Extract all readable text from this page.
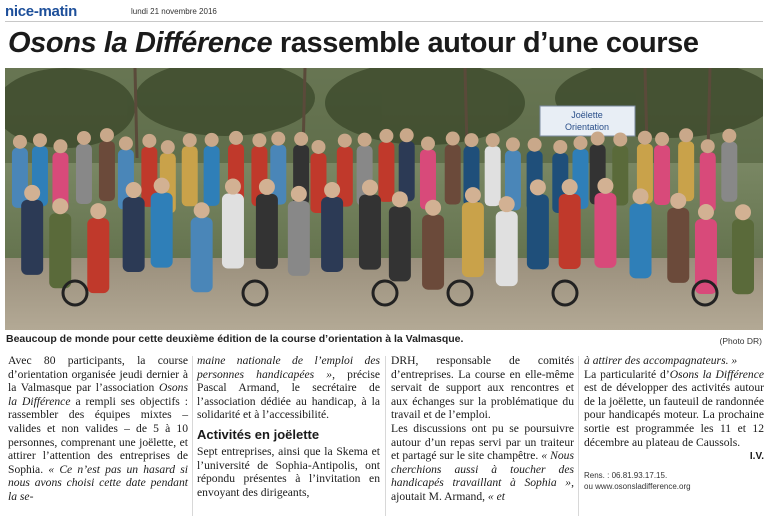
nice-matin	lundi 21 novembre 2016
Osons la Différence rassemble autour d’une course
Joëlette
Orientation
Beaucoup de monde pour cette deuxième édition de la course d’orientation à la Valmasque.	(Photo DR)

Avec 80 participants, la course d’orientation organisée jeudi dernier à la Valmasque par l’association Osons la Différence a rempli ses objectifs : rassembler des équipes mixtes – valides et non valides – de 5 à 10 personnes, comprenant une joëlette, et attirer l’attention des entreprises de Sophia. « Ce n’est pas un hasard si nous avons choisi cette date pendant la se-

maine nationale de l’emploi des personnes handicapées », précise Pascal Armand, le secrétaire de l’association dédiée au handicap, à la solidarité et à l’accessibilité.

Activités en joëlette

Sept entreprises, ainsi que la Skema et l’université de Sophia-Antipolis, ont répondu présentes à l’invitation en envoyant des dirigeants,

DRH, responsable de comités d’entreprises. La course en elle-même servait de support aux rencontres et aux échanges sur la problématique du travail et de l’emploi.

Les discussions ont pu se poursuivre autour d’un repas servi par un traiteur et partagé sur le site champêtre. « Nous cherchions aussi à toucher des handicapés travaillant à Sophia », ajoutait M. Armand, « et

à attirer des accompagnateurs. »

La particularité d’Osons la Différence est de développer des activités autour de la joëlette, un fauteuil de randonnée pour handicapés moteur. La prochaine sortie est programmée les 11 et 12 décembre au plateau de Caussols.

I.V.
Rens. : 06.81.93.17.15.
ou www.osonsladifference.org
